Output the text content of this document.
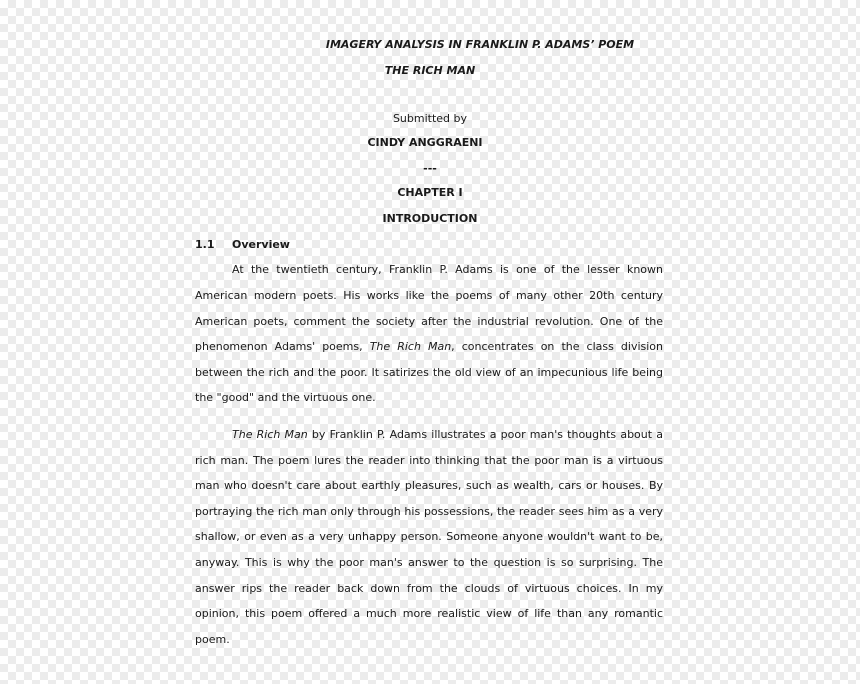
IMAGERY ANALYSIS IN FRANKLIN P. ADAMS’ POEM
THE RICH MAN
Submitted by
CINDY ANGGRAENI
---
CHAPTER I
INTRODUCTION
1.1 Overview
At the twentieth century, Franklin P. Adams is one of the lesser known
American modern poets. His works like the poems of many other 20th century
American poets, comment the society after the industrial revolution. One of the
phenomenon Adams' poems, The Rich Man, concentrates on the class division
between the rich and the poor. It satirizes the old view of an impecunious life being
the "good" and the virtuous one.
The Rich Man by Franklin P. Adams illustrates a poor man's thoughts about a
rich man. The poem lures the reader into thinking that the poor man is a virtuous
man who doesn't care about earthly pleasures, such as wealth, cars or houses. By
portraying the rich man only through his possessions, the reader sees him as a very
shallow, or even as a very unhappy person. Someone anyone wouldn't want to be,
anyway. This is why the poor man's answer to the question is so surprising. The
answer rips the reader back down from the clouds of virtuous choices. In my
opinion, this poem offered a much more realistic view of life than any romantic
poem.
